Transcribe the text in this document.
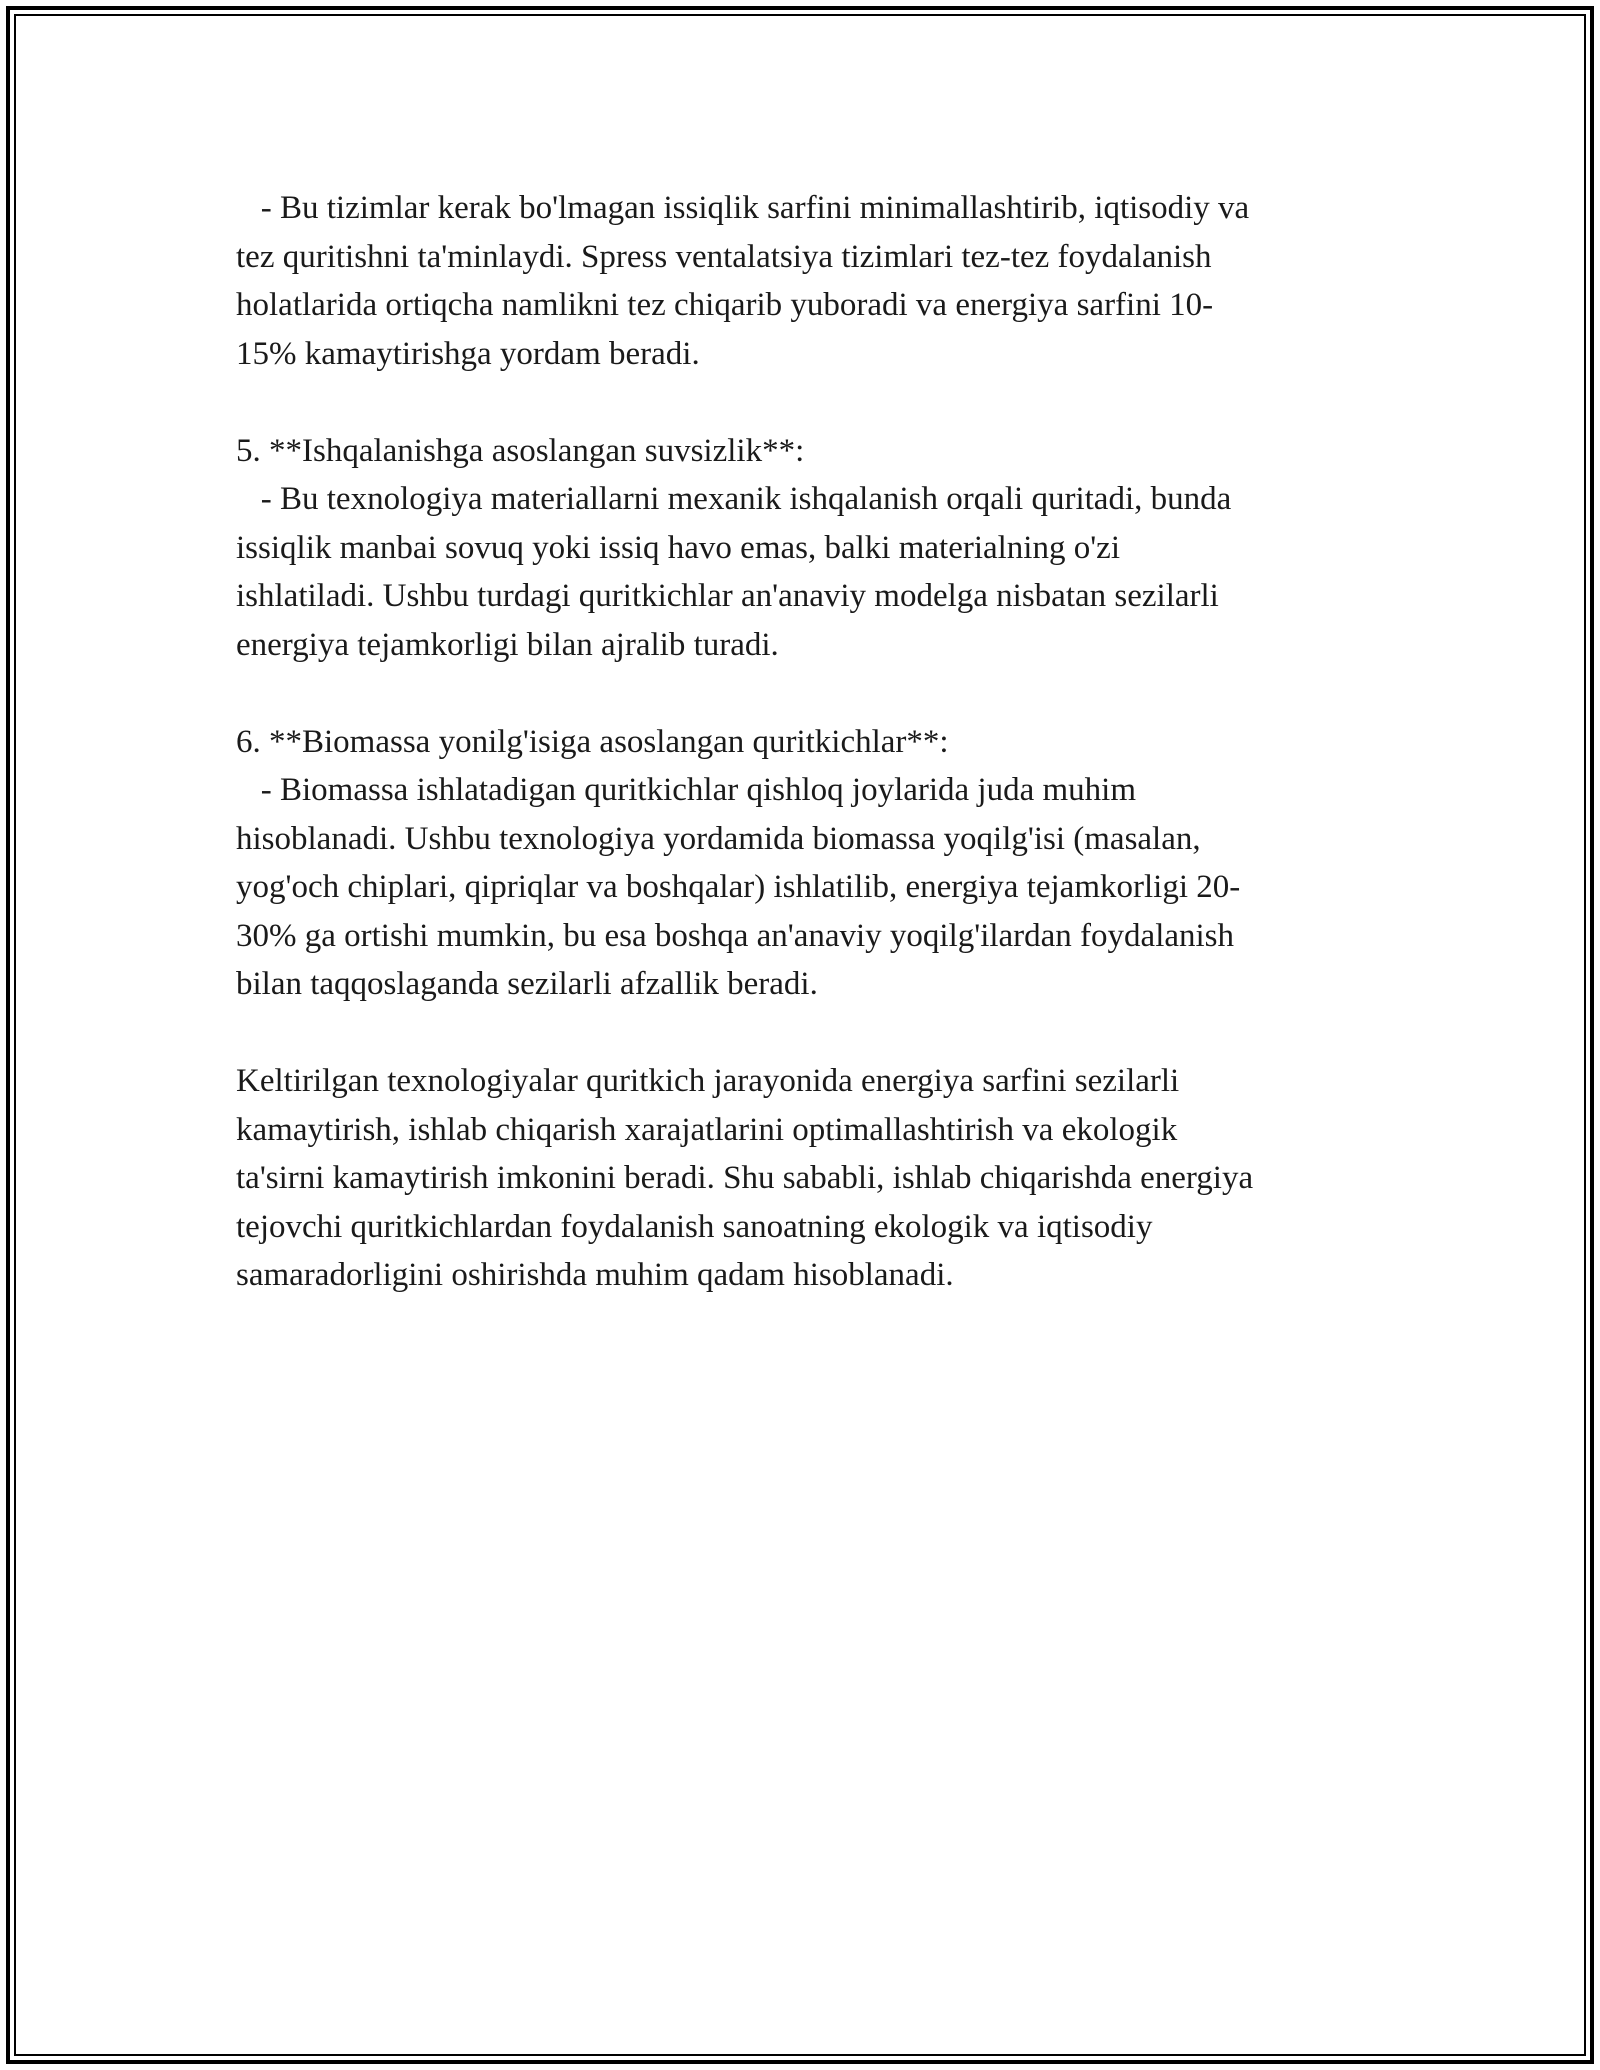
- Bu tizimlar kerak bo'lmagan issiqlik sarfini minimallashtirib, iqtisodiy va
tez quritishni ta'minlaydi. Spress ventalatsiya tizimlari tez-tez foydalanish
holatlarida ortiqcha namlikni tez chiqarib yuboradi va energiya sarfini 10-
15% kamaytirishga yordam beradi.
5. **Ishqalanishga asoslangan suvsizlik**:
- Bu texnologiya materiallarni mexanik ishqalanish orqali quritadi, bunda
issiqlik manbai sovuq yoki issiq havo emas, balki materialning o'zi
ishlatiladi. Ushbu turdagi quritkichlar an'anaviy modelga nisbatan sezilarli
energiya tejamkorligi bilan ajralib turadi.
6. **Biomassa yonilg'isiga asoslangan quritkichlar**:
- Biomassa ishlatadigan quritkichlar qishloq joylarida juda muhim
hisoblanadi. Ushbu texnologiya yordamida biomassa yoqilg'isi (masalan,
yog'och chiplari, qipriqlar va boshqalar) ishlatilib, energiya tejamkorligi 20-
30% ga ortishi mumkin, bu esa boshqa an'anaviy yoqilg'ilardan foydalanish
bilan taqqoslaganda sezilarli afzallik beradi.
Keltirilgan texnologiyalar quritkich jarayonida energiya sarfini sezilarli
kamaytirish, ishlab chiqarish xarajatlarini optimallashtirish va ekologik
ta'sirni kamaytirish imkonini beradi. Shu sababli, ishlab chiqarishda energiya
tejovchi quritkichlardan foydalanish sanoatning ekologik va iqtisodiy
samaradorligini oshirishda muhim qadam hisoblanadi.
